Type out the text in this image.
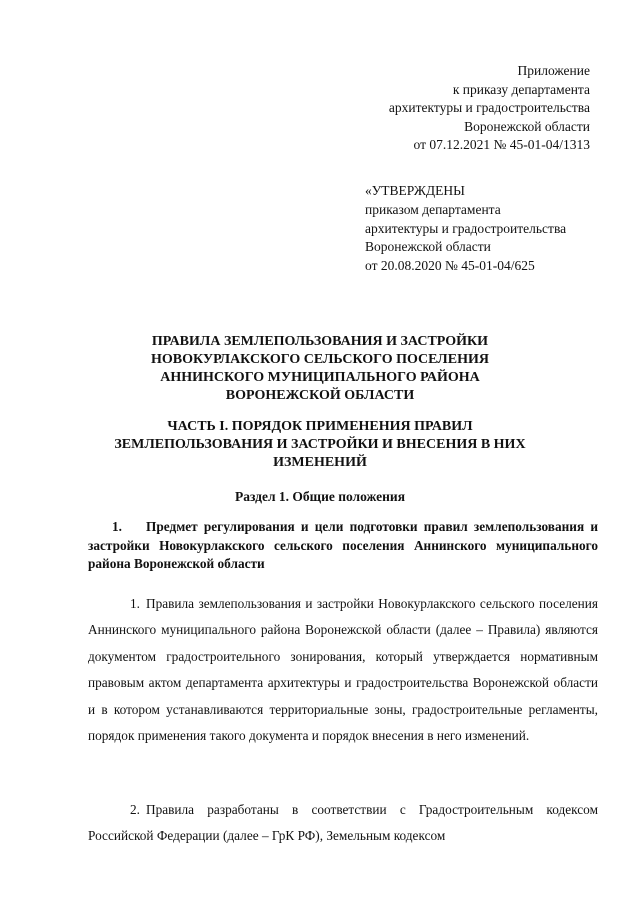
Приложение
к приказу департамента
архитектуры и градостроительства
Воронежской области
от 07.12.2021 № 45-01-04/1313
«УТВЕРЖДЕНЫ
приказом департамента
архитектуры и градостроительства
Воронежской области
от 20.08.2020 № 45-01-04/625
ПРАВИЛА ЗЕМЛЕПОЛЬЗОВАНИЯ И ЗАСТРОЙКИ
НОВОКУРЛАКСКОГО СЕЛЬСКОГО ПОСЕЛЕНИЯ
АННИНСКОГО МУНИЦИПАЛЬНОГО РАЙОНА
ВОРОНЕЖСКОЙ ОБЛАСТИ
ЧАСТЬ I. ПОРЯДОК ПРИМЕНЕНИЯ ПРАВИЛ
ЗЕМЛЕПОЛЬЗОВАНИЯ И ЗАСТРОЙКИ И ВНЕСЕНИЯ В НИХ
ИЗМЕНЕНИЙ
Раздел 1. Общие положения
1. Предмет регулирования и цели подготовки правил землепользования и застройки Новокурлакского сельского поселения Аннинского муниципального района Воронежской области
1. Правила землепользования и застройки Новокурлакского сельского поселения Аннинского муниципального района Воронежской области (далее – Правила) являются документом градостроительного зонирования, который утверждается нормативным правовым актом департамента архитектуры и градостроительства Воронежской области и в котором устанавливаются территориальные зоны, градостроительные регламенты, порядок применения такого документа и порядок внесения в него изменений.
2. Правила разработаны в соответствии с Градостроительным кодексом Российской Федерации (далее – ГрК РФ), Земельным кодексом
